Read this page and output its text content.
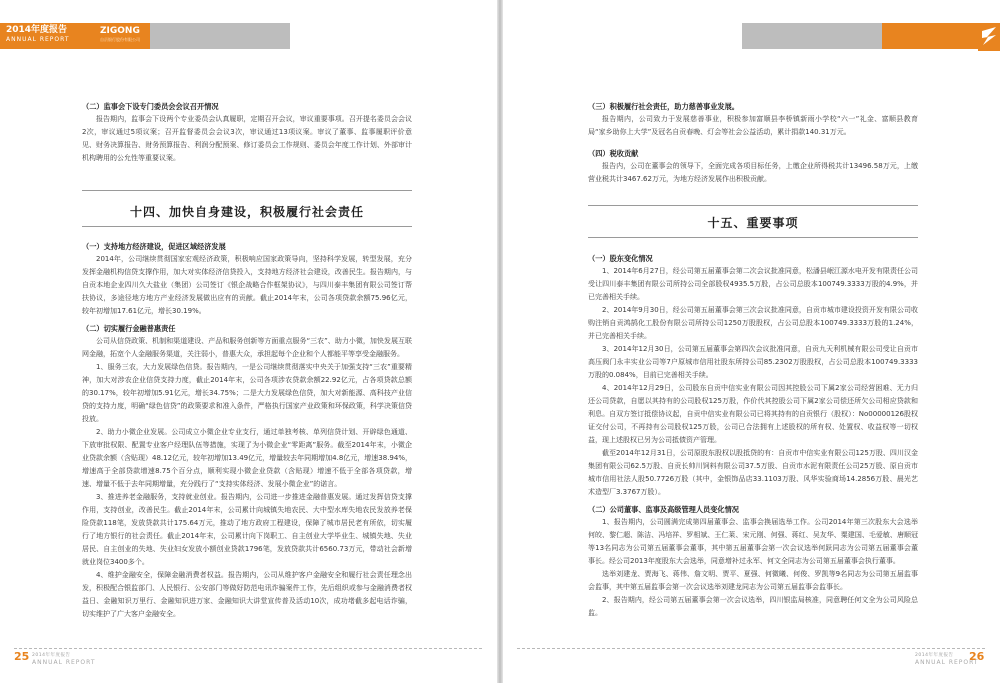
2014年度报告
ANNUAL REPORT
ZIGONG
自贡银行股份有限公司

（二）监事会下设专门委员会会议召开情况

报告期内，监事会下设两个专业委员会认真履职，定期召开会议，审议重要事项。召开提名委员会会议2次，审议通过5项议案；召开监督委员会会议3次，审议通过13项议案。审议了董事、监事履职评价意见、财务决算报告、财务预算报告、利润分配预案、修订委员会工作规则、委员会年度工作计划、外部审计机构聘用的公允性等重要议案。

十四、加快自身建设，积极履行社会责任

（一）支持地方经济建设，促进区域经济发展

2014年，公司继续贯彻国家宏观经济政策，积极响应国家政策导向，坚持科学发展，转型发展，充分发挥金融机构信贷支撑作用，加大对实体经济信贷投入，支持地方经济社会建设，改善民生。报告期内，与自贡本地企业四川久大盐业（集团）公司签订《银企战略合作框架协议》，与四川泰丰集团有限公司签订帮扶协议，多途径地方地方产业经济发展做出应有的贡献。截止2014年末，公司各项贷款余额75.96亿元，较年初增加17.61亿元，增长30.19%。

（二）切实履行金融普惠责任

公司从信贷政策、机制和渠道建设、产品和服务创新等方面重点服务“三农”、助力小微，加快发展互联网金融，拓宽个人金融服务渠道，关注弱小，普惠大众，承担起每个企业和个人都能平等享受金融服务。

1、服务三农，大力发展绿色信贷。报告期内，一是公司继续贯彻落实中央关于加强支持“三农”重要精神，加大对涉农企业信贷支持力度，截止2014年末，公司各项涉农贷款余额22.92亿元，占各项贷款总额的30.17%，较年初增加5.91亿元，增长34.75%；二是大力发展绿色信贷，加大对新能源、高科技产业信贷的支持力度，明确“绿色信贷”的政策要求和准入条件，严格执行国家产业政策和环保政策，科学决策信贷投放。

2、助力小微企业发展。公司成立小微企业专业支行，通过单独考核、单列信贷计划、开辟绿色通道、下放审批权限、配置专业客户经理队伍等措施，实现了为小微企业“零距离”服务。截至2014年末，小微企业贷款余额（含贴现）48.12亿元，较年初增加13.49亿元，增量较去年同期增加4.8亿元，增速38.94%，增速高于全部贷款增速8.75个百分点，顺利实现小微企业贷款（含贴现）增速不低于全部各项贷款，增速、增量不低于去年同期增量，充分践行了“支持实体经济、发展小微企业”的诺言。

3、推进养老金融服务，支持就业创业。报告期内，公司进一步推进金融普惠发展。通过发挥信贷支撑作用，支持创业，改善民生。截止2014年末，公司累计向城镇失地农民、大中型水库失地农民发放养老保险贷款118笔，发放贷款共计175.64万元，推动了地方政府工程建设，保障了城市居民老有所依，切实履行了地方银行的社会责任。截止2014年末，公司累计向下岗职工、自主创业大学毕业生、城镇失地、失业居民、自主创业的失地、失业妇女发放小额创业贷款1796笔，发放贷款共计6560.73万元，带动社会新增就业岗位3400多个。

4、维护金融安全，保障金融消费者权益。报告期内，公司从维护客户金融安全和履行社会责任理念出发，积极配合银监部门、人民银行、公安部门等做好防范电讯诈骗案件工作，先后组织或参与金融消费者权益日、金融知识万里行、金融知识进万家、金融知识大讲堂宣传普及活动10次，成功堵截多起电话诈骗，切实维护了广大客户金融安全。

25 2014年年度报告
ANNUAL REPORT

（三）积极履行社会责任，助力慈善事业发展。

报告期内，公司致力于发展慈善事业，积极参加富顺县李桥镇新雨小学校“六一”礼金、富顺县教育局“家乡助你上大学”及冠名自贡春晚、灯会等社会公益活动，累计捐款140.31万元。

（四）税收贡献

报告内，公司在董事会的领导下，全面完成各项目标任务，上缴企业所得税共计13496.58万元，上缴营业税共计3467.62万元，为地方经济发展作出积极贡献。

十五、重要事项

（一）股东变化情况

1、2014年6月27日，经公司第五届董事会第二次会议批准同意，松潘县岷江源水电开发有限责任公司受让四川泰丰集团有限公司所持公司全部股权4935.5万股，占公司总股本100749.3333万股的4.9%，并已完善相关手续。

2、2014年9月30日，经公司第五届董事会第三次会议批准同意，自贡市城市建设投资开发有限公司收购注销自贡鸿鹄化工股份有限公司所持公司1250万股股权，占公司总股本100749.3333万股的1.24%，并已完善相关手续。

3、2014年12月30日，公司第五届董事会第四次会议批准同意，自贡九天利机械有限公司受让自贡市高压阀门永丰实业公司等7户原城市信用社股东所持公司85.2302万股股权，占公司总股本100749.3333万股的0.084%，目前已完善相关手续。

4、2014年12月29日，公司股东自贡中信实业有限公司因其控股公司下属2家公司经营困难、无力归还公司贷款，自愿以其持有的公司股权125万股，作价代其控股公司下属2家公司偿还所欠公司相应贷款和利息。自双方签订抵偿协议起，自贡中信实业有限公司已将其持有的自贡银行（股权）：No00000126股权证交付公司，不再持有公司股权125万股，公司已合法拥有上述股权的所有权、处置权、收益权等一切权益，现上述股权已另为公司抵债资产管理。

截至2014年12月31日，公司原股东股权以股抵贷的有：自贡市中信实业有限公司125万股、四川汉金集团有限公司62.5万股、自贡长帅川饲料有限公司37.5万股、自贡市水泥有限责任公司25万股、原自贡市城市信用社法人股50.7726万股（其中，金银饰品店33.1103万股、风华实验商场14.2856万股、晨光艺术造型厂3.3767万股）。

（二）公司董事、监事及高级管理人员变化情况

1、报告期内，公司圆满完成第四届董事会、监事会换届选举工作。公司2014年第三次股东大会选举何皎、黎仁超、陈洁、冯培祥、罗相斌、王仁莱、宋元刚、何强、蒋红、吴友华、粟建国、毛爱敏、唐顺冠等13名同志为公司第五届董事会董事，其中第五届董事会第一次会议选举何跃同志为公司第五届董事会董事长。经公司2013年度股东大会选举，同意增补过永军、何文全同志为公司第五届董事会执行董事。

选举刘建龙、贾海飞、蒋伟、詹文明、贾平、夏强、何微曦、何俊、罗凯等9名同志为公司第五届监事会监事，其中第五届监事会第一次会议选举刘建龙同志为公司第五届监事会监事长。

2、报告期内，经公司第五届董事会第一次会议选举，四川银监局核准，同意聘任何文全为公司风险总监。

2014年年度报告
ANNUAL REPORT
26
